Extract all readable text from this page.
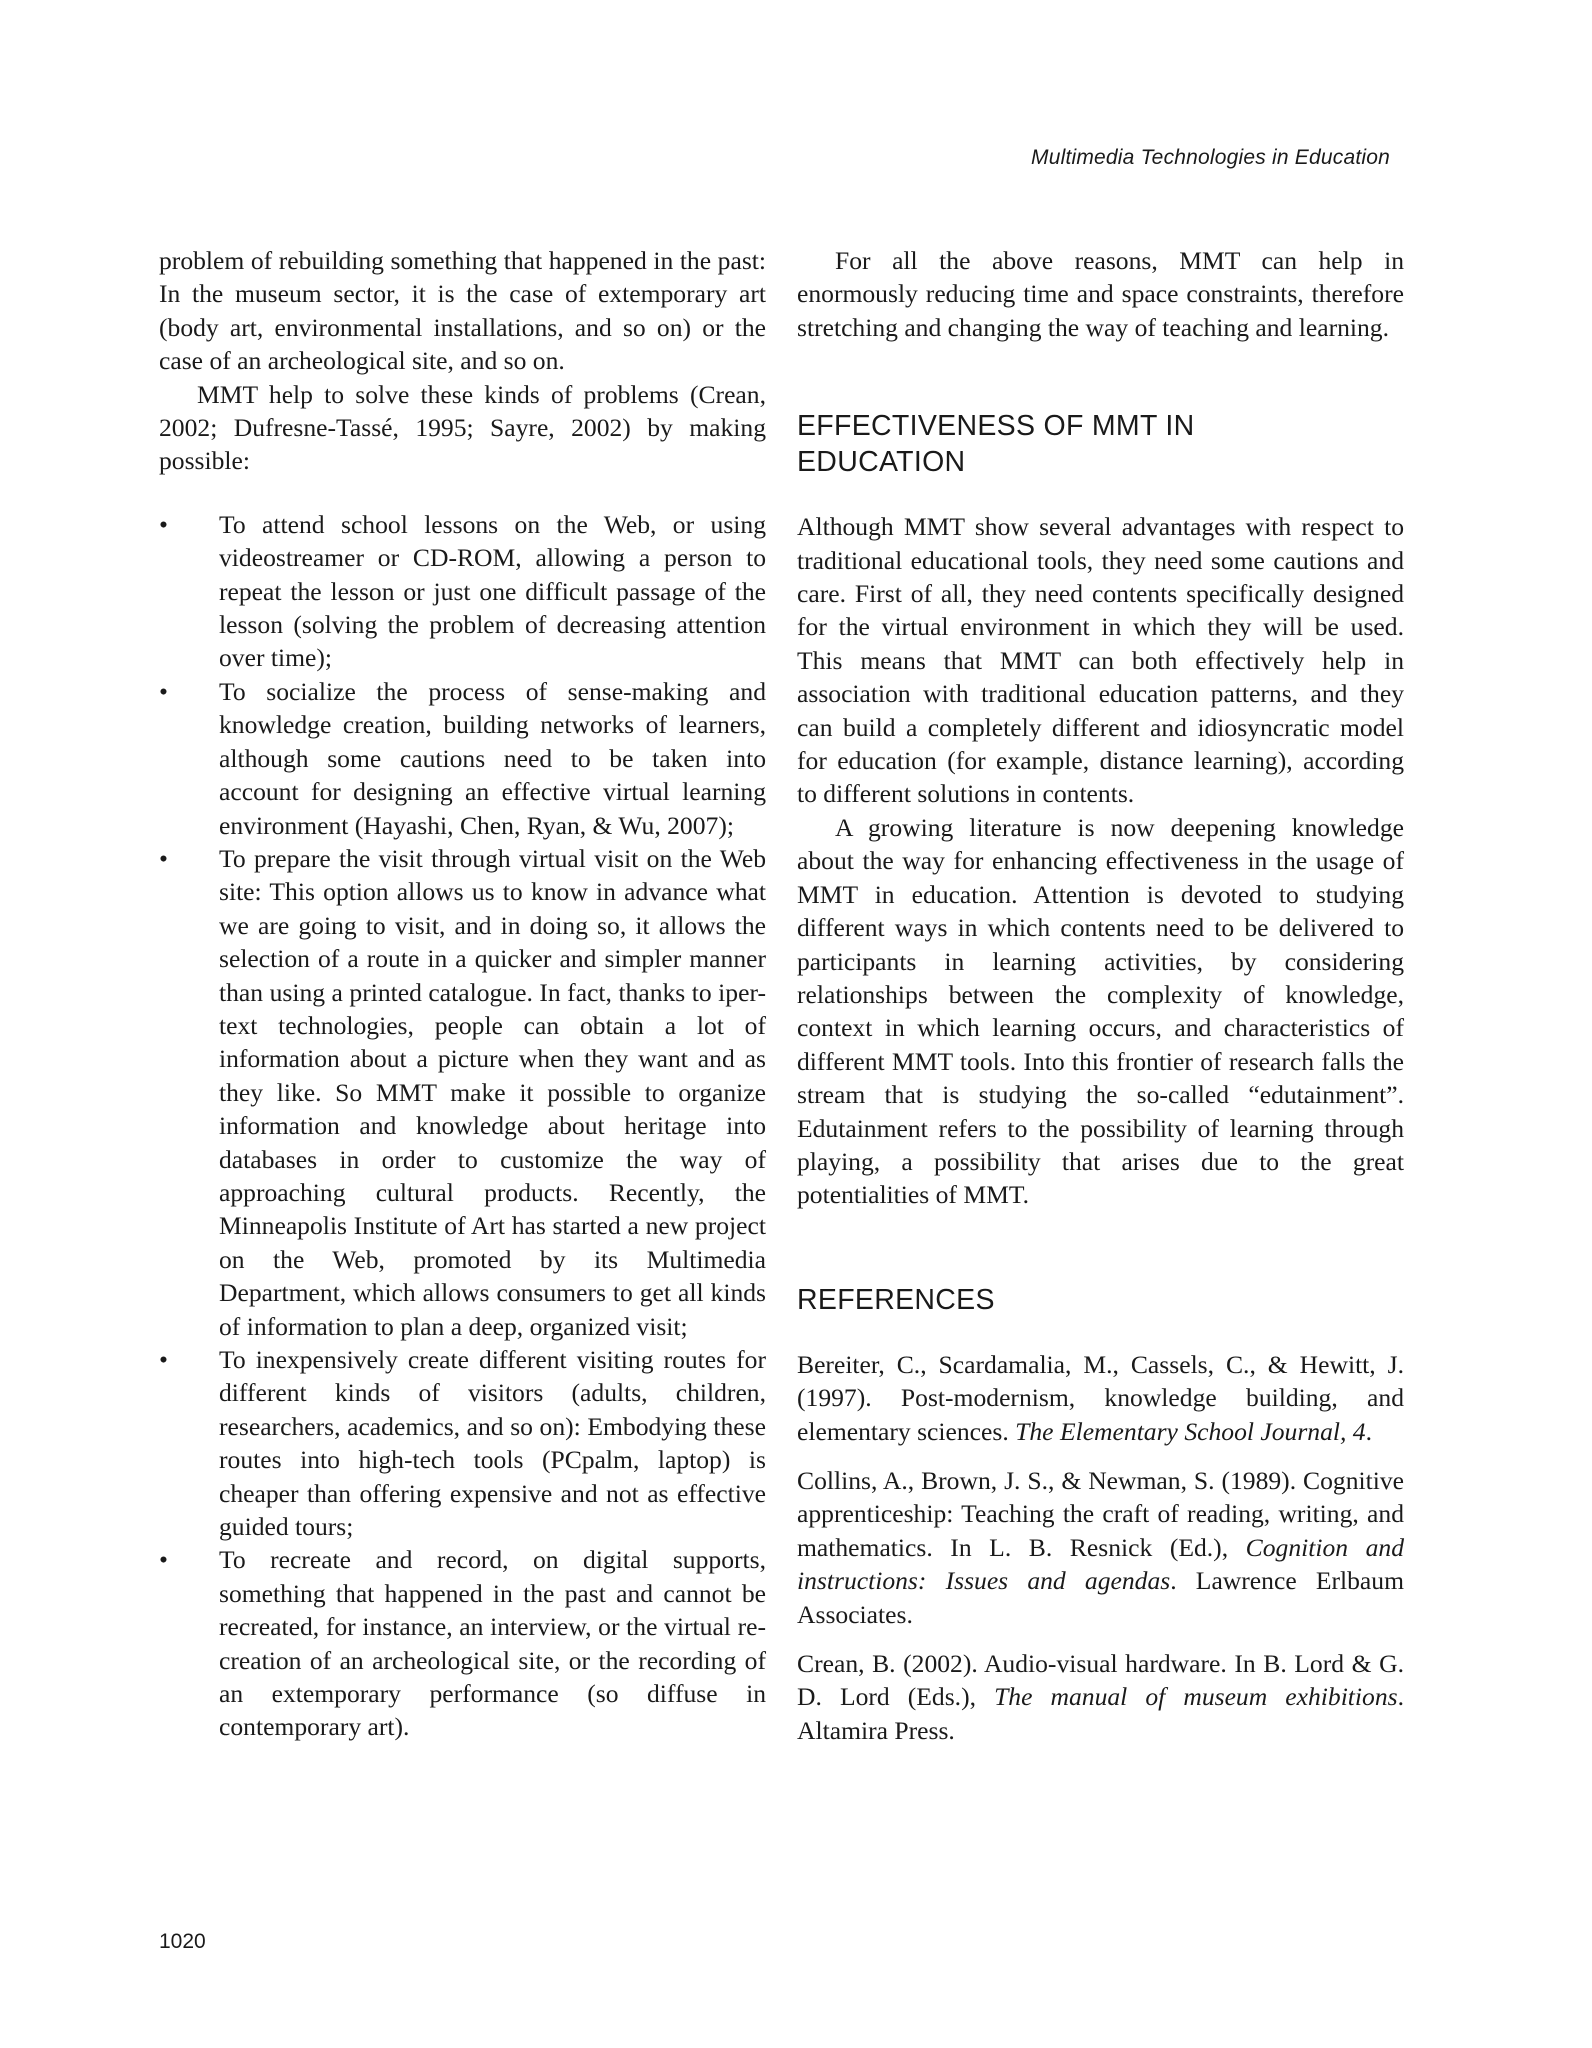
Multimedia Technologies in Education

problem of rebuilding something that happened in the past: In the museum sector, it is the case of extemporary art (body art, environmental installations, and so on) or the case of an archeological site, and so on.

MMT help to solve these kinds of problems (Crean, 2002; Dufresne-Tassé, 1995; Sayre, 2002) by making possible:

• To attend school lessons on the Web, or using videostreamer or CD-ROM, allowing a person to repeat the lesson or just one difficult passage of the lesson (solving the problem of decreasing attention over time);
• To socialize the process of sense-making and knowledge creation, building networks of learners, although some cautions need to be taken into account for designing an effective virtual learning environment (Hayashi, Chen, Ryan, & Wu, 2007);
• To prepare the visit through virtual visit on the Web site: This option allows us to know in advance what we are going to visit, and in doing so, it allows the selection of a route in a quicker and simpler manner than using a printed catalogue. In fact, thanks to iper-text technologies, people can obtain a lot of information about a picture when they want and as they like. So MMT make it possible to organize information and knowledge about heritage into databases in order to customize the way of approaching cultural products. Recently, the Minneapolis Institute of Art has started a new project on the Web, promoted by its Multimedia Department, which allows consumers to get all kinds of information to plan a deep, organized visit;
• To inexpensively create different visiting routes for different kinds of visitors (adults, children, researchers, academics, and so on): Embodying these routes into high-tech tools (PCpalm, laptop) is cheaper than offering expensive and not as effective guided tours;
• To recreate and record, on digital supports, something that happened in the past and cannot be recreated, for instance, an interview, or the virtual re-creation of an archeological site, or the recording of an extemporary performance (so diffuse in contemporary art).

For all the above reasons, MMT can help in enormously reducing time and space constraints, therefore stretching and changing the way of teaching and learning.

EFFECTIVENESS OF MMT IN
EDUCATION

Although MMT show several advantages with respect to traditional educational tools, they need some cautions and care. First of all, they need contents specifically designed for the virtual environment in which they will be used. This means that MMT can both effectively help in association with traditional education patterns, and they can build a completely different and idiosyncratic model for education (for example, distance learning), according to different solutions in contents.

A growing literature is now deepening knowledge about the way for enhancing effectiveness in the usage of MMT in education. Attention is devoted to studying different ways in which contents need to be delivered to participants in learning activities, by considering relationships between the complexity of knowledge, context in which learning occurs, and characteristics of different MMT tools. Into this frontier of research falls the stream that is studying the so-called “edutainment”. Edutainment refers to the possibility of learning through playing, a possibility that arises due to the great potentialities of MMT.

REFERENCES

Bereiter, C., Scardamalia, M., Cassels, C., & Hewitt, J. (1997). Post-modernism, knowledge building, and elementary sciences. The Elementary School Journal, 4.

Collins, A., Brown, J. S., & Newman, S. (1989). Cognitive apprenticeship: Teaching the craft of reading, writing, and mathematics. In L. B. Resnick (Ed.), Cognition and instructions: Issues and agendas. Lawrence Erlbaum Associates.

Crean, B. (2002). Audio-visual hardware. In B. Lord & G. D. Lord (Eds.), The manual of museum exhibitions. Altamira Press.

1020
